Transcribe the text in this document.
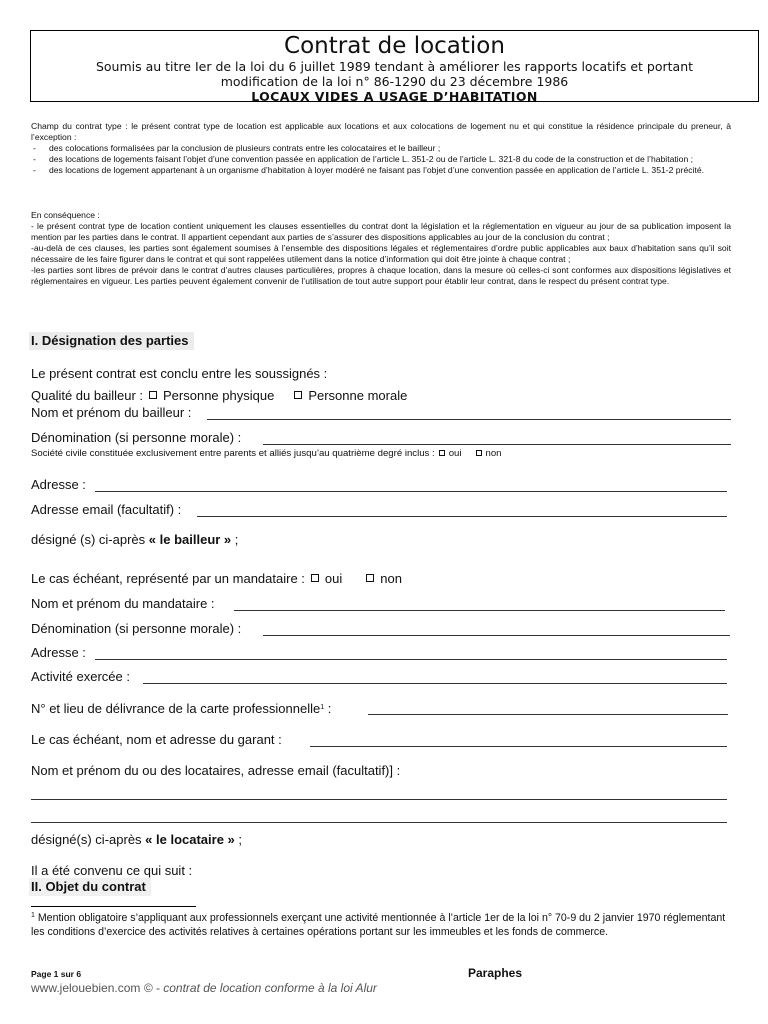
Contrat de location
Soumis au titre Ier de la loi du 6 juillet 1989 tendant à améliorer les rapports locatifs et portant
modification de la loi n° 86-1290 du 23 décembre 1986
LOCAUX VIDES A USAGE D’HABITATION
Champ du contrat type : le présent contrat type de location est applicable aux locations et aux colocations de logement nu et qui constitue la résidence principale du preneur, à l’exception :
- des colocations formalisées par la conclusion de plusieurs contrats entre les colocataires et le bailleur ;
- des locations de logements faisant l’objet d’une convention passée en application de l’article L. 351-2 ou de l’article L. 321-8 du code de la construction et de l’habitation ;
- des locations de logement appartenant à un organisme d’habitation à loyer modéré ne faisant pas l’objet d’une convention passée en application de l’article L. 351-2 précité.
En conséquence :
- le présent contrat type de location contient uniquement les clauses essentielles du contrat dont la législation et la réglementation en vigueur au jour de sa publication imposent la mention par les parties dans le contrat. Il appartient cependant aux parties de s’assurer des dispositions applicables au jour de la conclusion du contrat ;
-au-delà de ces clauses, les parties sont également soumises à l’ensemble des dispositions légales et réglementaires d’ordre public applicables aux baux d’habitation sans qu’il soit nécessaire de les faire figurer dans le contrat et qui sont rappelées utilement dans la notice d’information qui doit être jointe à chaque contrat ;
-les parties sont libres de prévoir dans le contrat d’autres clauses particulières, propres à chaque location, dans la mesure où celles-ci sont conformes aux dispositions législatives et réglementaires en vigueur. Les parties peuvent également convenir de l’utilisation de tout autre support pour établir leur contrat, dans le respect du présent contrat type.
I. Désignation des parties
Le présent contrat est conclu entre les soussignés :
Qualité du bailleur : Personne physique	Personne morale
Nom et prénom du bailleur :
Dénomination (si personne morale) :
Société civile constituée exclusivement entre parents et alliés jusqu’au quatrième degré inclus : oui	non
Adresse :
Adresse email (facultatif) :
désigné (s) ci-après « le bailleur » ;
Le cas échéant, représenté par un mandataire : oui	non
Nom et prénom du mandataire :
Dénomination (si personne morale) :
Adresse :
Activité exercée :
N° et lieu de délivrance de la carte professionnelle$^1$ :
Le cas échéant, nom et adresse du garant :
Nom et prénom du ou des locataires, adresse email (facultatif)] :
désigné(s) ci-après « le locataire » ;
Il a été convenu ce qui suit :
II. Objet du contrat
$^1$ Mention obligatoire s’appliquant aux professionnels exerçant une activité mentionnée à l’article 1er de la loi n° 70-9 du 2 janvier 1970 réglementant les conditions d’exercice des activités relatives à certaines opérations portant sur les immeubles et les fonds de commerce.
Page 1 sur 6	Paraphes
www.jelouebien.com © - contrat de location conforme à la loi Alur
